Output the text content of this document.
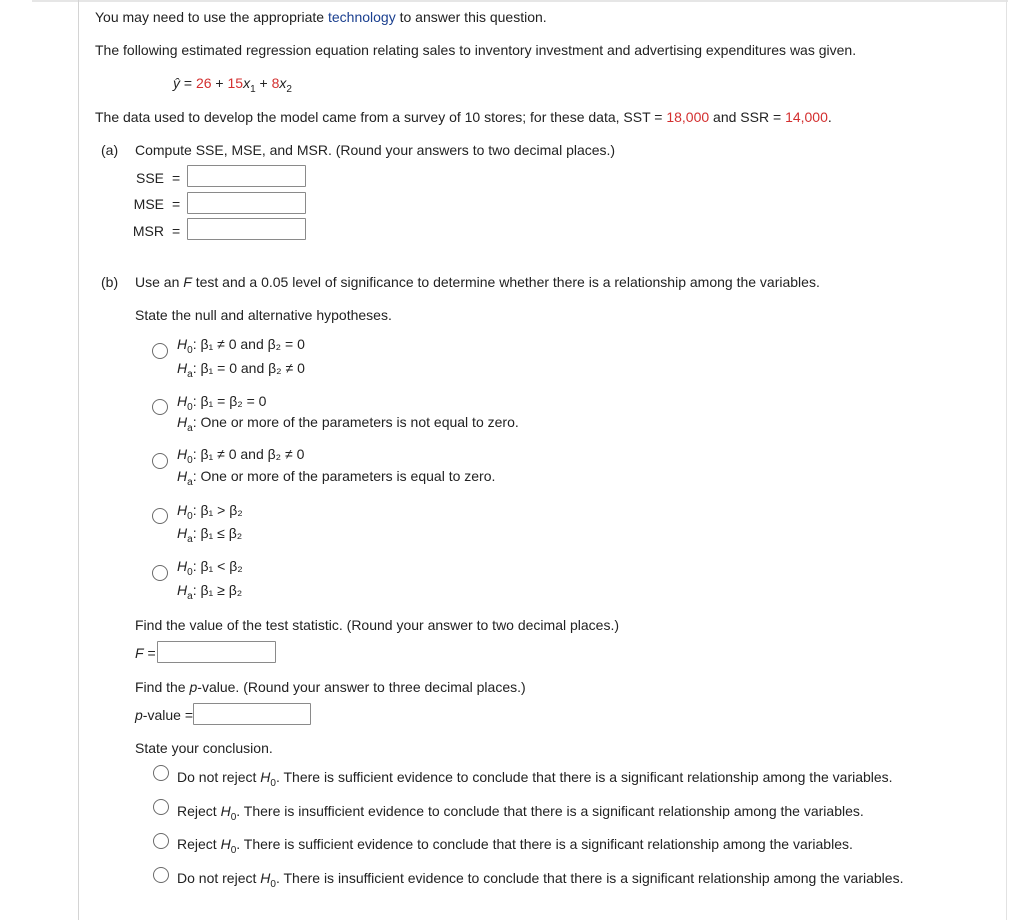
You may need to use the appropriate technology to answer this question.
The following estimated regression equation relating sales to inventory investment and advertising expenditures was given.
ŷ = $26 + 15x_1 + 8x_2$
The data used to develop the model came from a survey of 10 stores; for these data, SST = 18,000 and SSR = 14,000.
(a) Compute SSE, MSE, and MSR. (Round your answers to two decimal places.)
SSE =
MSE =
MSR =
(b) Use an F test and a 0.05 level of significance to determine whether there is a relationship among the variables.
State the null and alternative hypotheses.
$H_0$: β₁ ≠ 0 and β₂ = 0
$H_a$: β₁ = 0 and β₂ ≠ 0
$H_0$: β₁ = β₂ = 0
$H_a$: One or more of the parameters is not equal to zero.
$H_0$: β₁ ≠ 0 and β₂ ≠ 0
$H_a$: One or more of the parameters is equal to zero.
$H_0$: β₁ > β₂
$H_a$: β₁ ≤ β₂
$H_0$: β₁ < β₂
$H_a$: β₁ ≥ β₂
Find the value of the test statistic. (Round your answer to two decimal places.)
F =
Find the p-value. (Round your answer to three decimal places.)
p-value =
State your conclusion.
Do not reject $H_0$. There is sufficient evidence to conclude that there is a significant relationship among the variables.
Reject $H_0$. There is insufficient evidence to conclude that there is a significant relationship among the variables.
Reject $H_0$. There is sufficient evidence to conclude that there is a significant relationship among the variables.
Do not reject $H_0$. There is insufficient evidence to conclude that there is a significant relationship among the variables.
